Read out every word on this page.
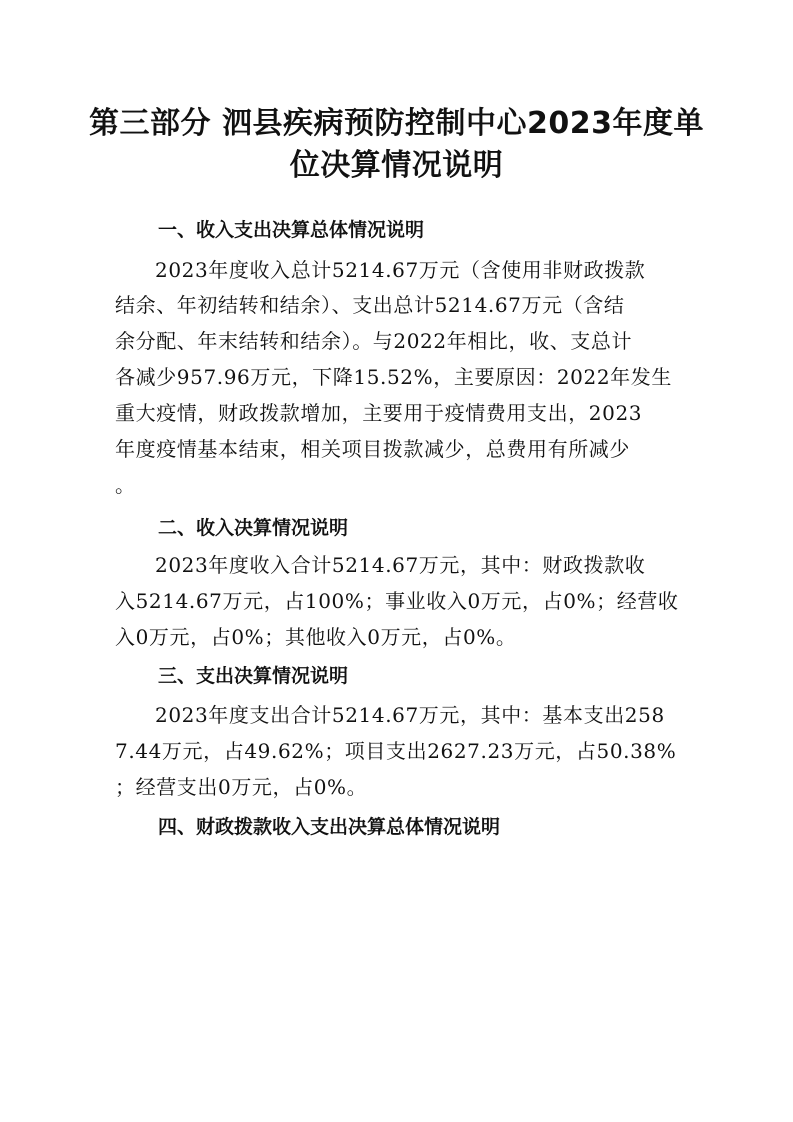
第三部分 泗县疾病预防控制中心2023年度单
位决算情况说明
一、收入支出决算总体情况说明
2023年度收入总计5214.67万元（含使用非财政拨款
结余、年初结转和结余）、支出总计5214.67万元（含结
余分配、年末结转和结余）。与2022年相比，收、支总计
各减少957.96万元，下降15.52%，主要原因：2022年发生
重大疫情，财政拨款增加，主要用于疫情费用支出，2023
年度疫情基本结束，相关项目拨款减少，总费用有所减少
。
二、收入决算情况说明
2023年度收入合计5214.67万元，其中：财政拨款收
入5214.67万元，占100%；事业收入0万元，占0%；经营收
入0万元，占0%；其他收入0万元，占0%。
三、支出决算情况说明
2023年度支出合计5214.67万元，其中：基本支出258
7.44万元，占49.62%；项目支出2627.23万元，占50.38%
；经营支出0万元，占0%。
四、财政拨款收入支出决算总体情况说明
